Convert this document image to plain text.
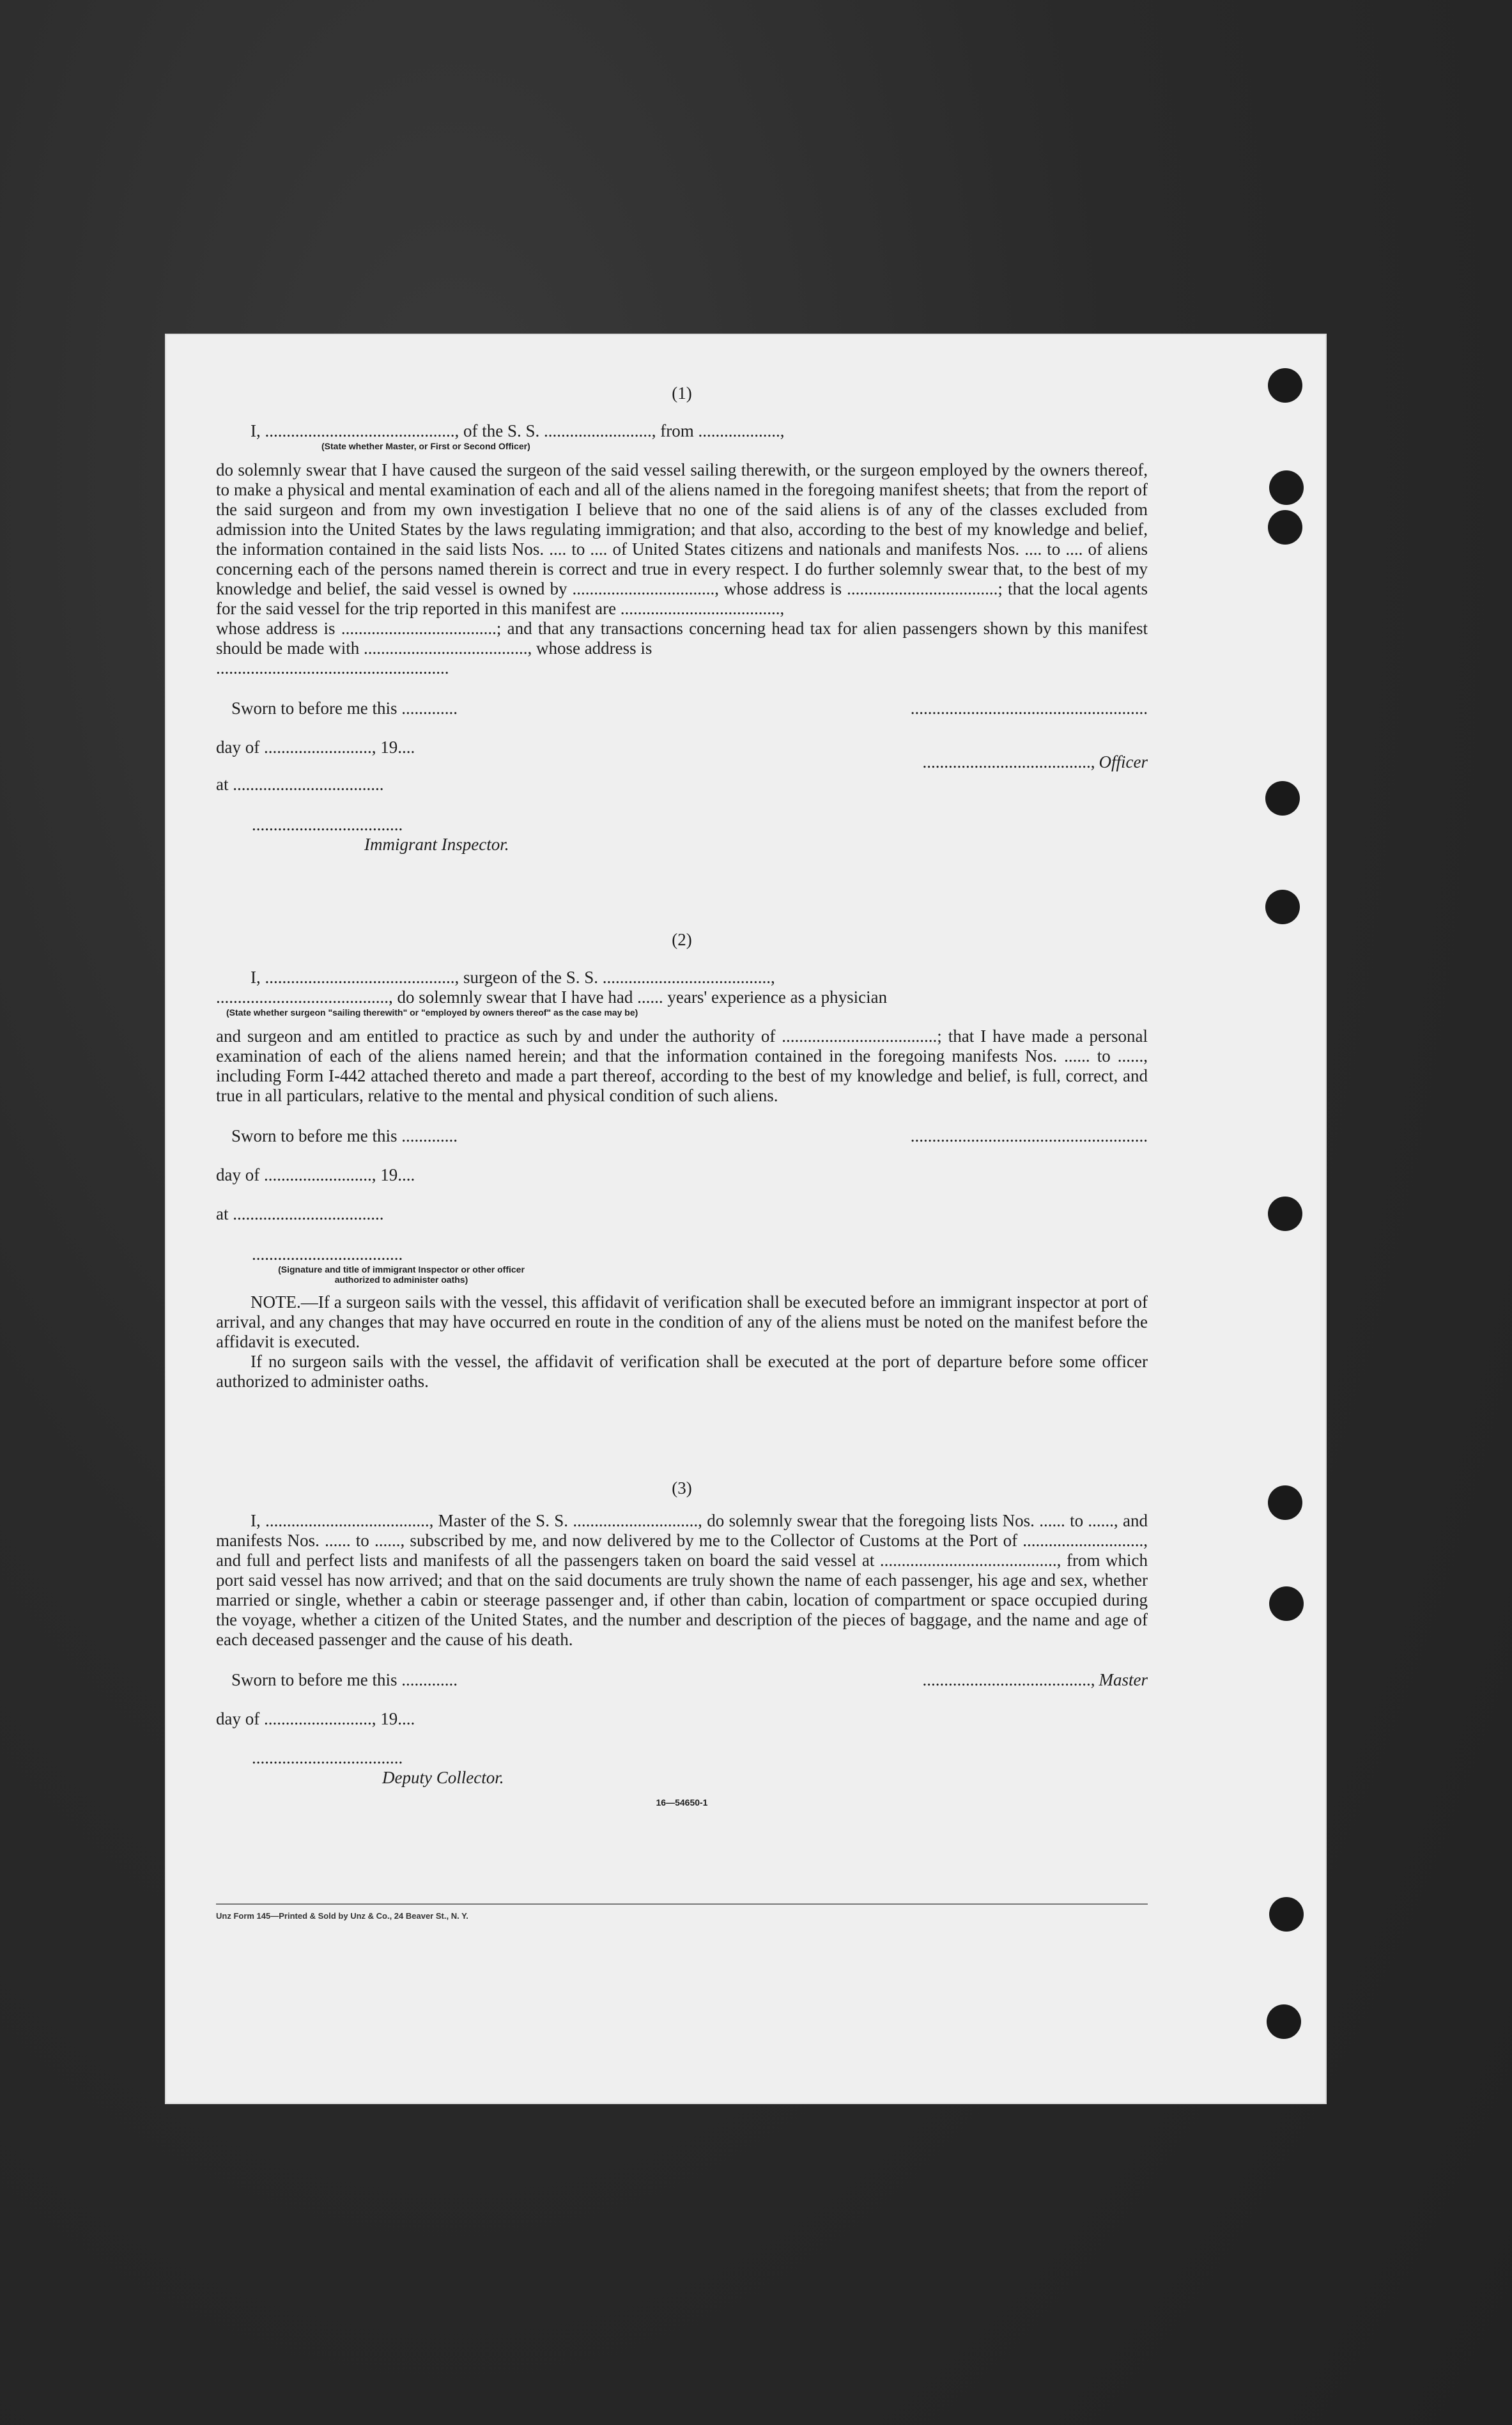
(1)

I, ............................................, of the S. S. ........................., from ...................,

(State whether Master, or First or Second Officer)

do solemnly swear that I have caused the surgeon of the said vessel sailing therewith, or the surgeon employed by the owners thereof, to make a physical and mental examination of each and all of the aliens named in the foregoing manifest sheets; that from the report of the said surgeon and from my own investigation I believe that no one of the said aliens is of any of the classes excluded from admission into the United States by the laws regulating immigration; and that also, according to the best of my knowledge and belief, the information contained in the said lists Nos. .... to .... of United States citizens and nationals and manifests Nos. .... to .... of aliens concerning each of the persons named therein is correct and true in every respect. I do further solemnly swear that, to the best of my knowledge and belief, the said vessel is owned by ................................., whose address is ...................................; that the local agents for the said vessel for the trip reported in this manifest are .....................................,

whose address is ....................................; and that any transactions concerning head tax for alien passengers shown by this manifest should be made with ......................................, whose address is

......................................................

Sworn to before me this .............	.......................................................

day of ........................., 19....

......................................., Officer

at ...................................

...................................

Immigrant Inspector.

(2)

I, ............................................, surgeon of the S. S. .......................................,

........................................, do solemnly swear that I have had ...... years' experience as a physician

(State whether surgeon "sailing therewith" or "employed by owners thereof" as the case may be)

and surgeon and am entitled to practice as such by and under the authority of ....................................; that I have made a personal examination of each of the aliens named herein; and that the information contained in the foregoing manifests Nos. ...... to ......, including Form I-442 attached thereto and made a part thereof, according to the best of my knowledge and belief, is full, correct, and true in all particulars, relative to the mental and physical condition of such aliens.

Sworn to before me this .............	.......................................................

day of ........................., 19....

at ...................................

...................................

(Signature and title of immigrant Inspector or other officer authorized to administer oaths)

NOTE.—If a surgeon sails with the vessel, this affidavit of verification shall be executed before an immigrant inspector at port of arrival, and any changes that may have occurred en route in the condition of any of the aliens must be noted on the manifest before the affidavit is executed.

If no surgeon sails with the vessel, the affidavit of verification shall be executed at the port of departure before some officer authorized to administer oaths.

(3)

I, ......................................, Master of the S. S. ............................., do solemnly swear that the foregoing lists Nos. ...... to ......, and manifests Nos. ...... to ......, subscribed by me, and now delivered by me to the Collector of Customs at the Port of ............................, and full and perfect lists and manifests of all the passengers taken on board the said vessel at ........................................., from which port said vessel has now arrived; and that on the said documents are truly shown the name of each passenger, his age and sex, whether married or single, whether a cabin or steerage passenger and, if other than cabin, location of compartment or space occupied during the voyage, whether a citizen of the United States, and the number and description of the pieces of baggage, and the name and age of each deceased passenger and the cause of his death.

Sworn to before me this .............	......................................., Master

day of ........................., 19....

...................................

Deputy Collector.

16—54650-1

Unz Form 145—Printed & Sold by Unz & Co., 24 Beaver St., N. Y.
